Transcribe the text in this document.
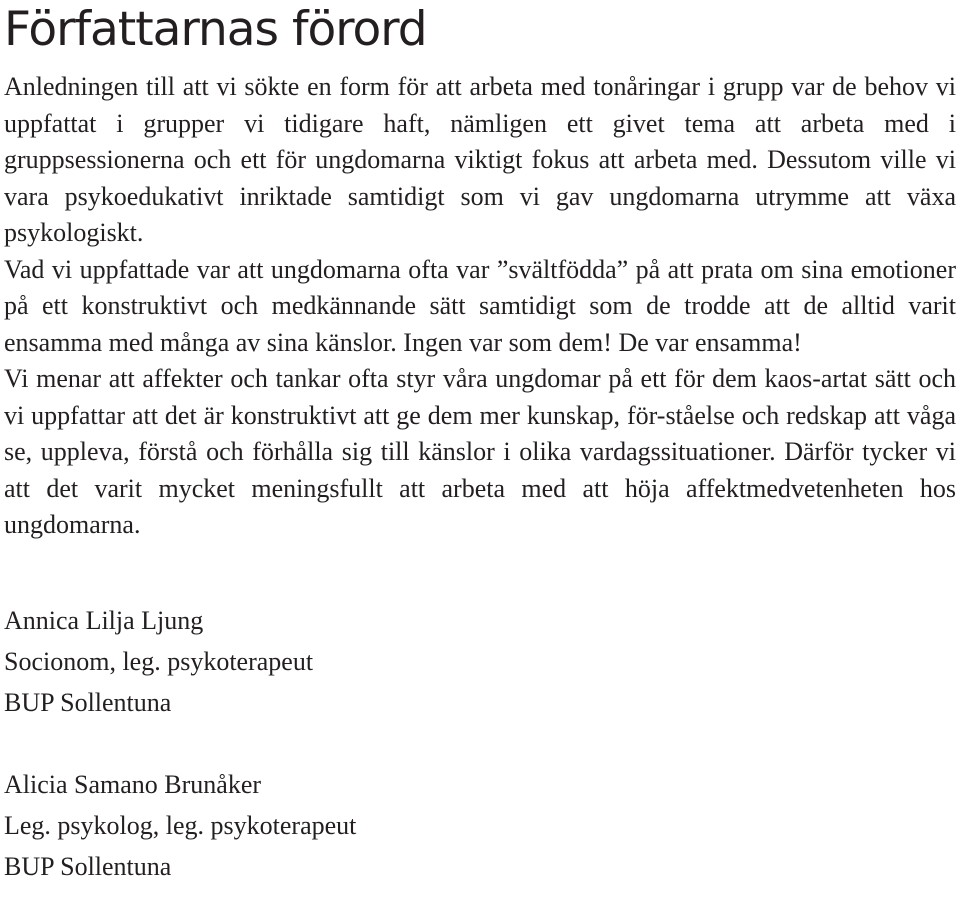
Författarnas förord

Anledningen till att vi sökte en form för att arbeta med tonåringar i grupp var de behov vi uppfattat i grupper vi tidigare haft, nämligen ett givet tema att arbeta med i gruppsessionerna och ett för ungdomarna viktigt fokus att arbeta med. Dessutom ville vi vara psykoedukativt inriktade samtidigt som vi gav ungdomarna utrymme att växa psykologiskt.

Vad vi uppfattade var att ungdomarna ofta var ”svältfödda” på att prata om sina emotioner på ett konstruktivt och medkännande sätt samtidigt som de trodde att de alltid varit ensamma med många av sina känslor. Ingen var som dem! De var ensamma!

Vi menar att affekter och tankar ofta styr våra ungdomar på ett för dem kaos-artat sätt och vi uppfattar att det är konstruktivt att ge dem mer kunskap, för-ståelse och redskap att våga se, uppleva, förstå och förhålla sig till känslor i olika vardagssituationer. Därför tycker vi att det varit mycket meningsfullt att arbeta med att höja affektmedvetenheten hos ungdomarna.

Annica Lilja Ljung

Socionom, leg. psykoterapeut

BUP Sollentuna

Alicia Samano Brunåker

Leg. psykolog, leg. psykoterapeut

BUP Sollentuna
